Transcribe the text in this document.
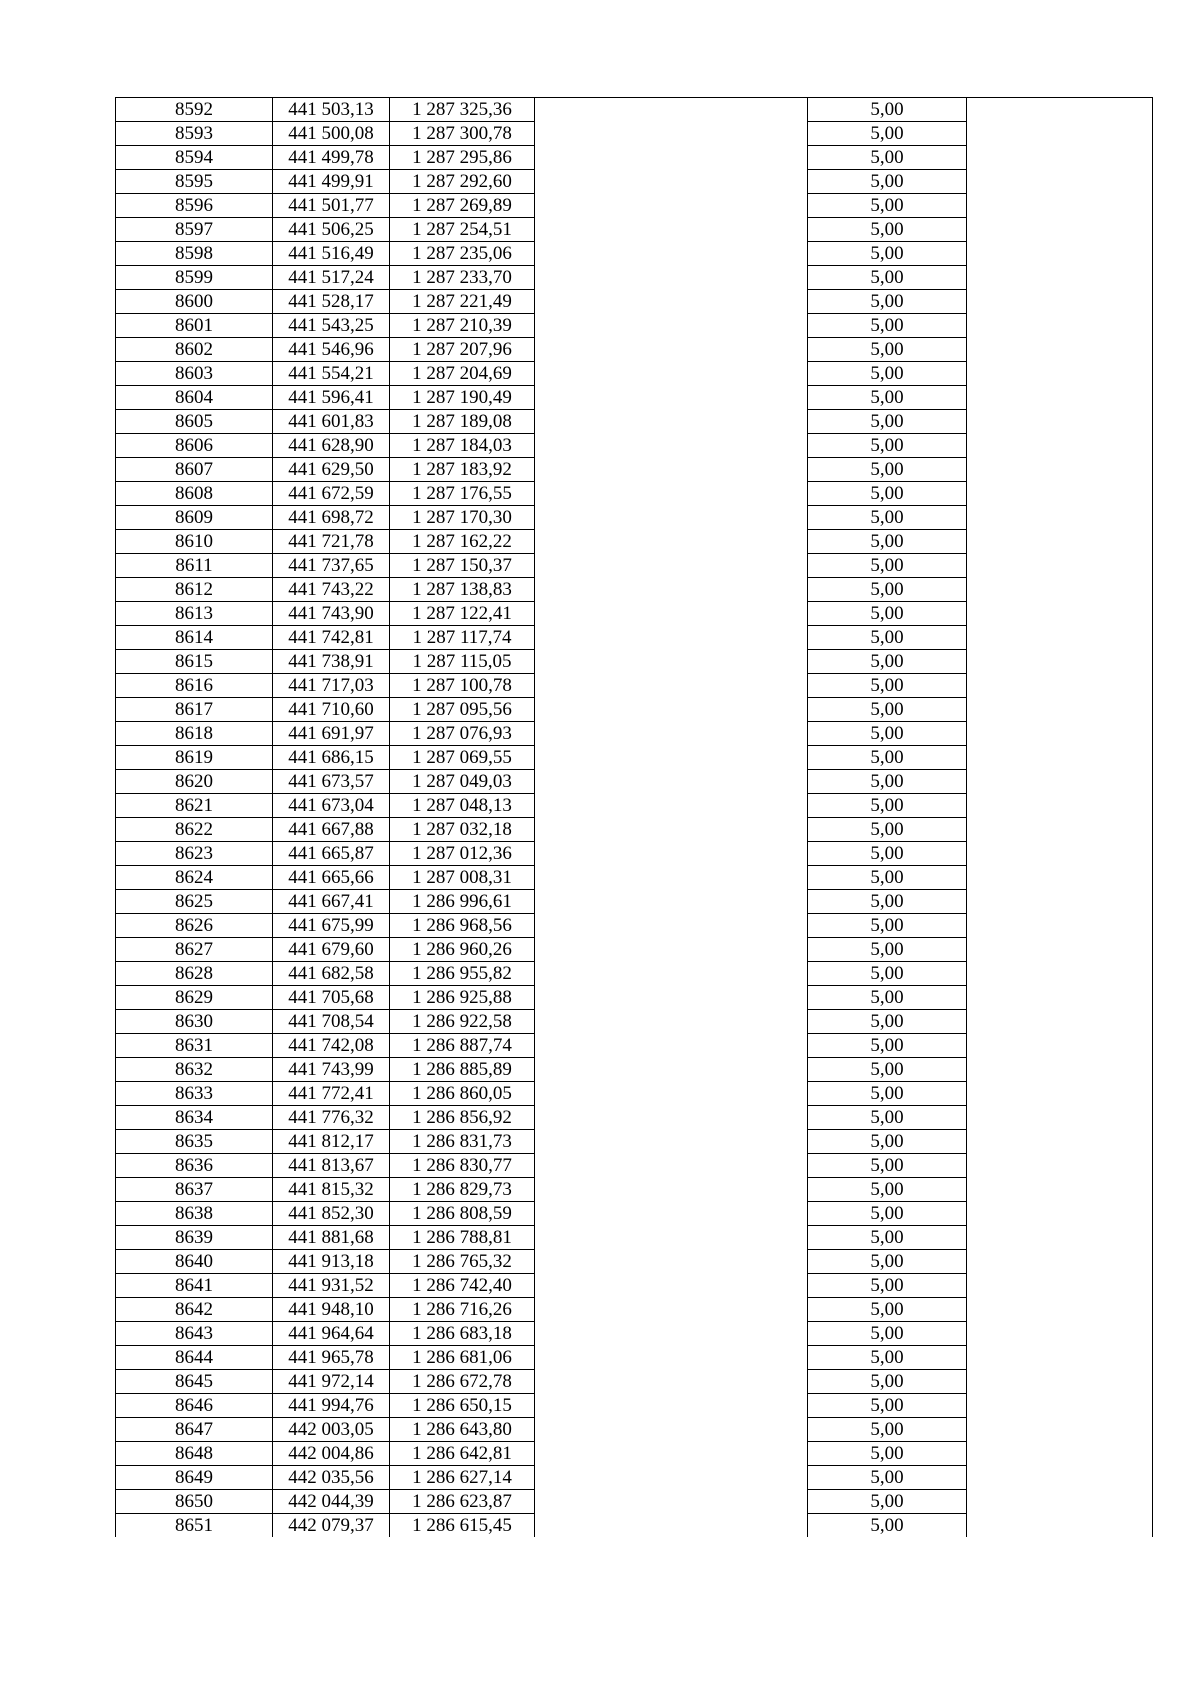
8592	441 503,13	1 287 325,36		5,00	
8593	441 500,08	1 287 300,78		5,00	
8594	441 499,78	1 287 295,86		5,00	
8595	441 499,91	1 287 292,60		5,00	
8596	441 501,77	1 287 269,89		5,00	
8597	441 506,25	1 287 254,51		5,00	
8598	441 516,49	1 287 235,06		5,00	
8599	441 517,24	1 287 233,70		5,00	
8600	441 528,17	1 287 221,49		5,00	
8601	441 543,25	1 287 210,39		5,00	
8602	441 546,96	1 287 207,96		5,00	
8603	441 554,21	1 287 204,69		5,00	
8604	441 596,41	1 287 190,49		5,00	
8605	441 601,83	1 287 189,08		5,00	
8606	441 628,90	1 287 184,03		5,00	
8607	441 629,50	1 287 183,92		5,00	
8608	441 672,59	1 287 176,55		5,00	
8609	441 698,72	1 287 170,30		5,00	
8610	441 721,78	1 287 162,22		5,00	
8611	441 737,65	1 287 150,37		5,00	
8612	441 743,22	1 287 138,83		5,00	
8613	441 743,90	1 287 122,41		5,00	
8614	441 742,81	1 287 117,74		5,00	
8615	441 738,91	1 287 115,05		5,00	
8616	441 717,03	1 287 100,78		5,00	
8617	441 710,60	1 287 095,56		5,00	
8618	441 691,97	1 287 076,93		5,00	
8619	441 686,15	1 287 069,55		5,00	
8620	441 673,57	1 287 049,03		5,00	
8621	441 673,04	1 287 048,13		5,00	
8622	441 667,88	1 287 032,18		5,00	
8623	441 665,87	1 287 012,36		5,00	
8624	441 665,66	1 287 008,31		5,00	
8625	441 667,41	1 286 996,61		5,00	
8626	441 675,99	1 286 968,56		5,00	
8627	441 679,60	1 286 960,26		5,00	
8628	441 682,58	1 286 955,82		5,00	
8629	441 705,68	1 286 925,88		5,00	
8630	441 708,54	1 286 922,58		5,00	
8631	441 742,08	1 286 887,74		5,00	
8632	441 743,99	1 286 885,89		5,00	
8633	441 772,41	1 286 860,05		5,00	
8634	441 776,32	1 286 856,92		5,00	
8635	441 812,17	1 286 831,73		5,00	
8636	441 813,67	1 286 830,77		5,00	
8637	441 815,32	1 286 829,73		5,00	
8638	441 852,30	1 286 808,59		5,00	
8639	441 881,68	1 286 788,81		5,00	
8640	441 913,18	1 286 765,32		5,00	
8641	441 931,52	1 286 742,40		5,00	
8642	441 948,10	1 286 716,26		5,00	
8643	441 964,64	1 286 683,18		5,00	
8644	441 965,78	1 286 681,06		5,00	
8645	441 972,14	1 286 672,78		5,00	
8646	441 994,76	1 286 650,15		5,00	
8647	442 003,05	1 286 643,80		5,00	
8648	442 004,86	1 286 642,81		5,00	
8649	442 035,56	1 286 627,14		5,00	
8650	442 044,39	1 286 623,87		5,00	
8651	442 079,37	1 286 615,45		5,00	
